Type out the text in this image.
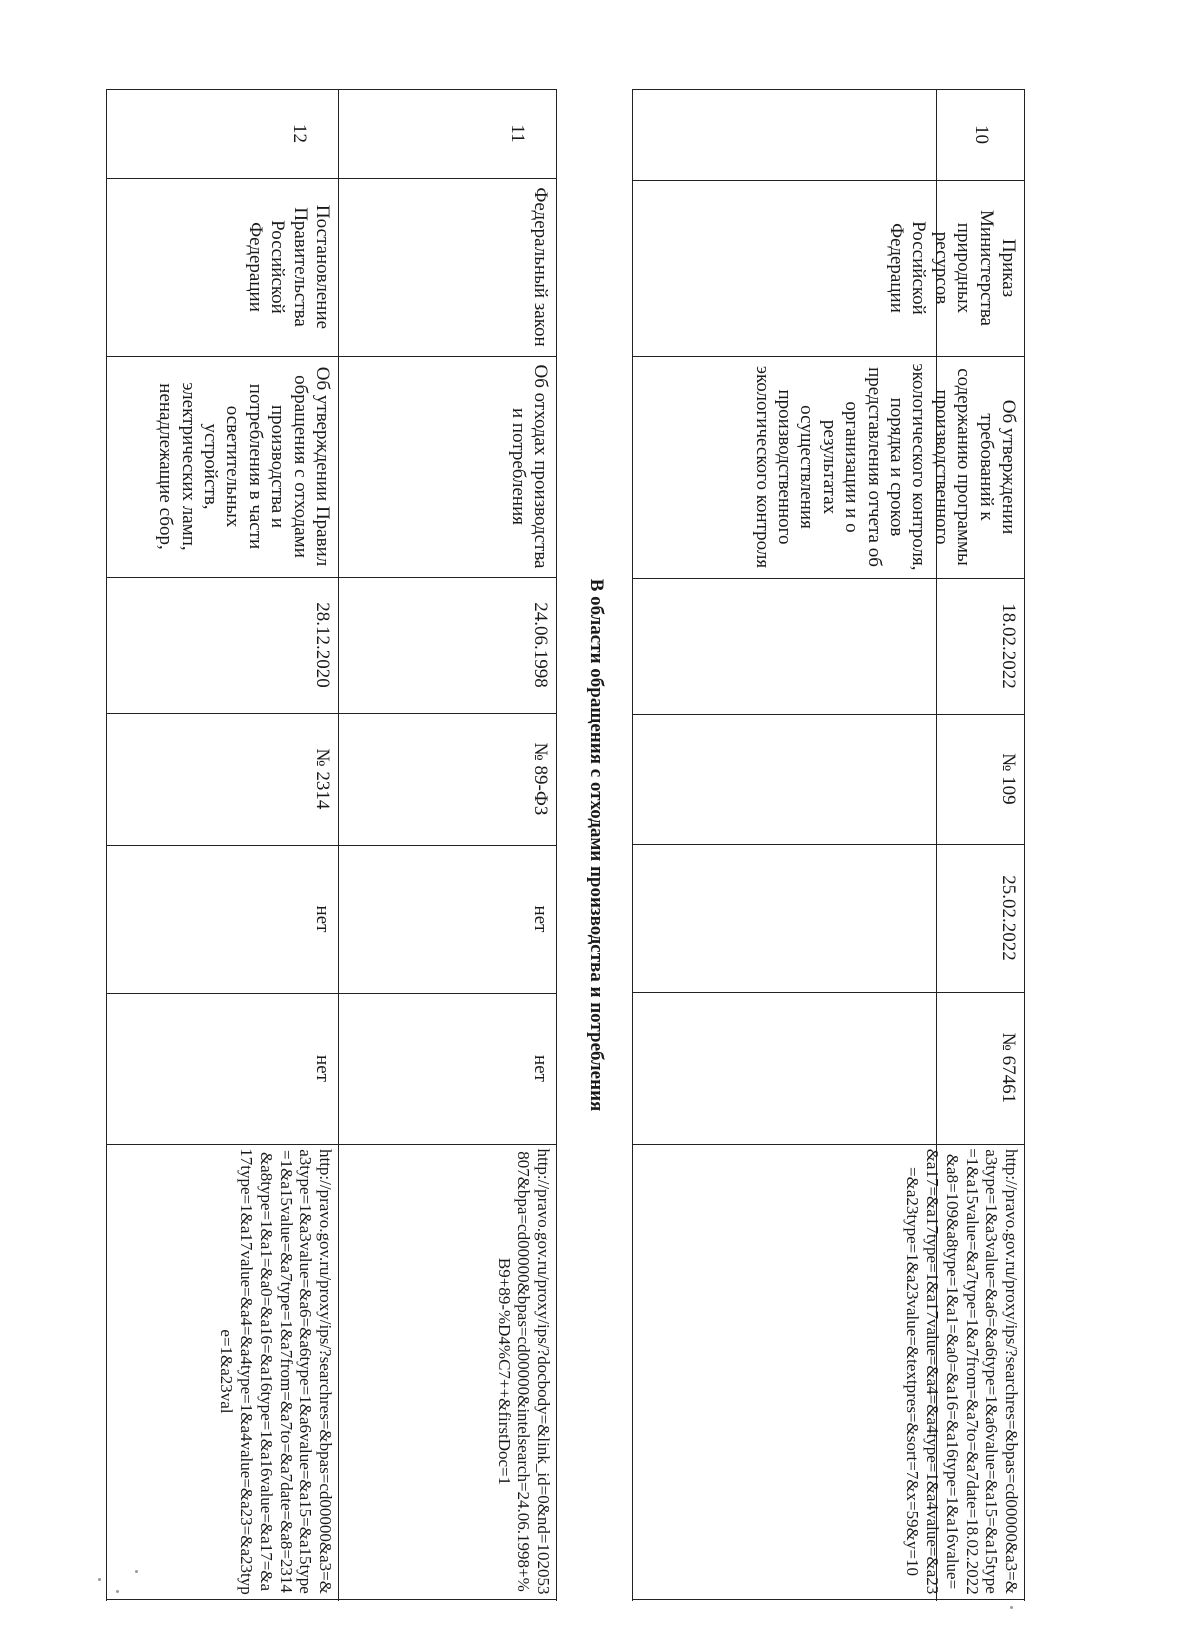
10
Приказ Министерства природных ресурсов Российской Федерации
Об утверждении требований к содержанию программы производственного экологического контроля, порядка и сроков представления отчета об организации и о результатах осуществления производственного экологического контроля
18.02.2022
№ 109
25.02.2022
№ 67461
http://pravo.gov.ru/proxy/ips/?searchres=&bpas=cd00000&a3=&a3type=1&a3value=&a6=&a6type=1&a6value=&a15=&a15type=1&a15value=&a7type=1&a7from=&a7to=&a7date=18.02.2022&a8=109&a8type=1&a1=&a0=&a16=&a16type=1&a16value=&a17=&a17type=1&a17value=&a4=&a4type=1&a4value=&a23=&a23type=1&a23value=&textpres=&sort=7&x=59&y=10
В области обращения с отходами производства и потребления
11
Федеральный закон
Об отходах производства и потребления
24.06.1998
№ 89-ФЗ
нет
нет
http://pravo.gov.ru/proxy/ips/?docbody=&link_id=0&nd=102053807&bpa=cd00000&bpas=cd00000&intelsearch=24.06.1998+%B9+89-%D4%C7++&firstDoc=1
12
Постановление Правительства Российской Федерации
Об утверждении Правил обращения с отходами производства и потребления в части осветительных устройств, электрических ламп, ненадлежащие сбор,
28.12.2020
№ 2314
нет
нет
http://pravo.gov.ru/proxy/ips/?searchres=&bpas=cd00000&a3=&a3type=1&a3value=&a6=&a6type=1&a6value=&a15=&a15type=1&a15value=&a7type=1&a7from=&a7to=&a7date=&a8=2314&a8type=1&a1=&a0=&a16=&a16type=1&a16value=&a17=&a17type=1&a17value=&a4=&a4type=1&a4value=&a23=&a23type=1&a23val
